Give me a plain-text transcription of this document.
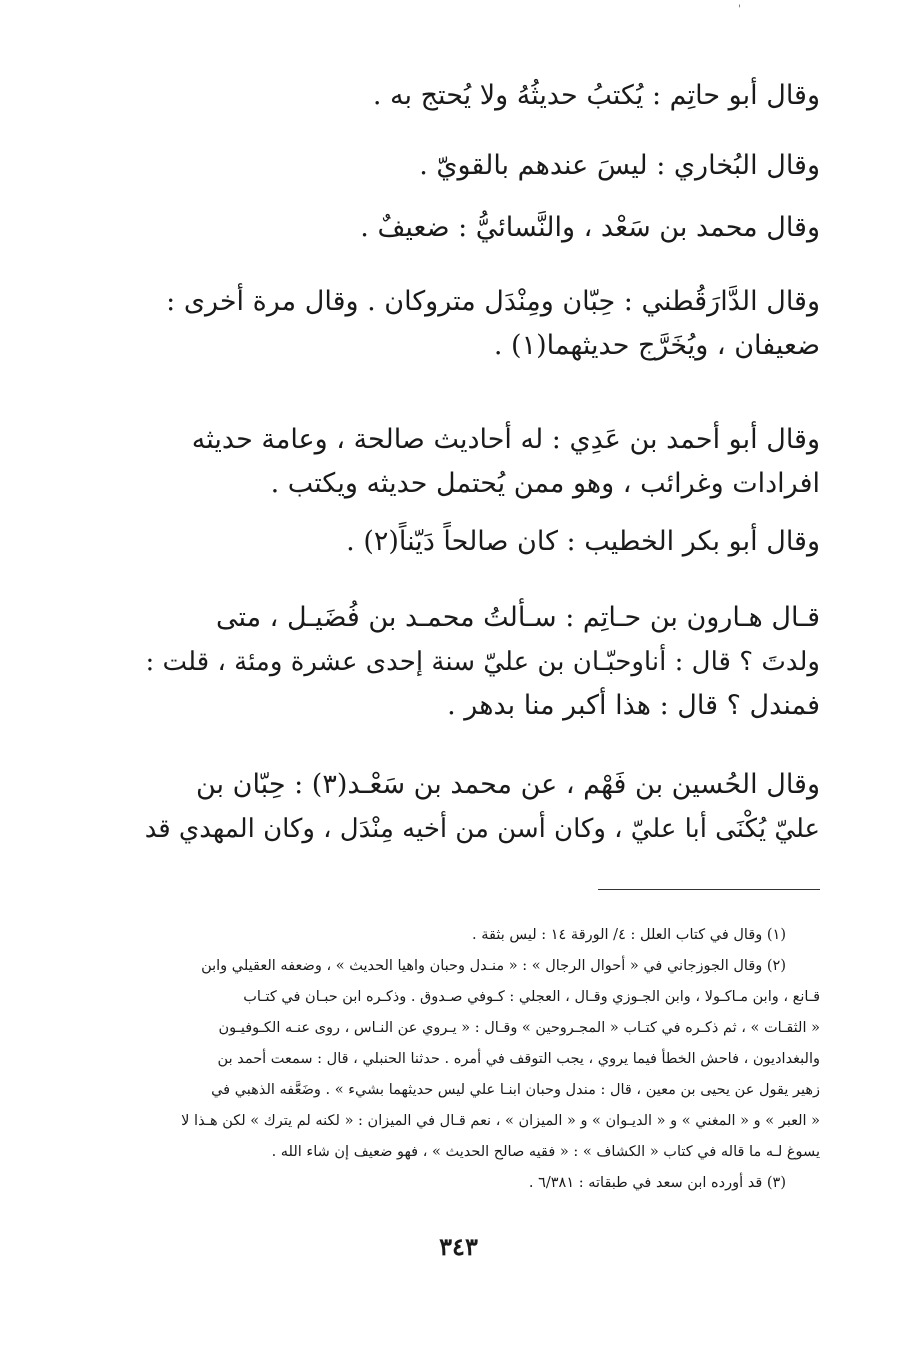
'

وقال أبو حاتِم : يُكتبُ حديثُهُ ولا يُحتج به .

وقال البُخاري : ليسَ عندهم بالقويّ .

وقال محمد بن سَعْد ، والنَّسائيُّ : ضعيفٌ .

وقال الدَّارَقُطني : حِبّان ومِنْدَل متروكان . وقال مرة أخرى :
ضعيفان ، ويُخَرَّج حديثهما(١) .

وقال أبو أحمد بن عَدِي : له أحاديث صالحة ، وعامة حديثه
افرادات وغرائب ، وهو ممن يُحتمل حديثه ويكتب .

وقال أبو بكر الخطيب : كان صالحاً دَيّناً(٢) .

قـال هـارون بن حـاتِم : سـألتُ محمـد بن فُضَيـل ، متى
ولدتَ ؟ قال : أناوحبّـان بن عليّ سنة إحدى عشرة ومئة ، قلت :
فمندل ؟ قال : هذا أكبر منا بدهر .

وقال الحُسين بن فَهْم ، عن محمد بن سَعْـد(٣) : حِبّان بن
عليّ يُكْنَى أبا عليّ ، وكان أسن من أخيه مِنْدَل ، وكان المهدي قد

(١) وقال في كتاب العلل : ٤/ الورقة ١٤ : ليس بثقة .
(٢) وقال الجوزجاني في « أحوال الرجال » : « منـدل وحبان واهيا الحديث » ، وضعفه العقيلي وابن
قـانع ، وابن مـاكـولا ، وابن الجـوزي وقـال ، العجلي : كـوفي صـدوق . وذكـره ابن حبـان في كتـاب
« الثقـات » ، ثم ذكـره في كتـاب « المجـروحين » وقـال : « يـروي عن النـاس ، روى عنـه الكـوفيـون
والبغداديون ، فاحش الخطأ فيما يروي ، يجب التوقف في أمره . حدثنا الحنبلي ، قال : سمعت أحمد بن
زهير يقول عن يحيى بن معين ، قال : مندل وحبان ابنـا علي ليس حديثهما بشيء » . وضَعَّفه الذهبي في
« العبر » و « المغني » و « الديـوان » و « الميزان » ، نعم قـال في الميزان : « لكنه لم يترك » لكن هـذا لا
يسوغ لـه ما قاله في كتاب « الكشاف » : « فقيه صالح الحديث » ، فهو ضعيف إن شاء الله .
(٣) قد أورده ابن سعد في طبقاته : ٦/٣٨١ .
٣٤٣
